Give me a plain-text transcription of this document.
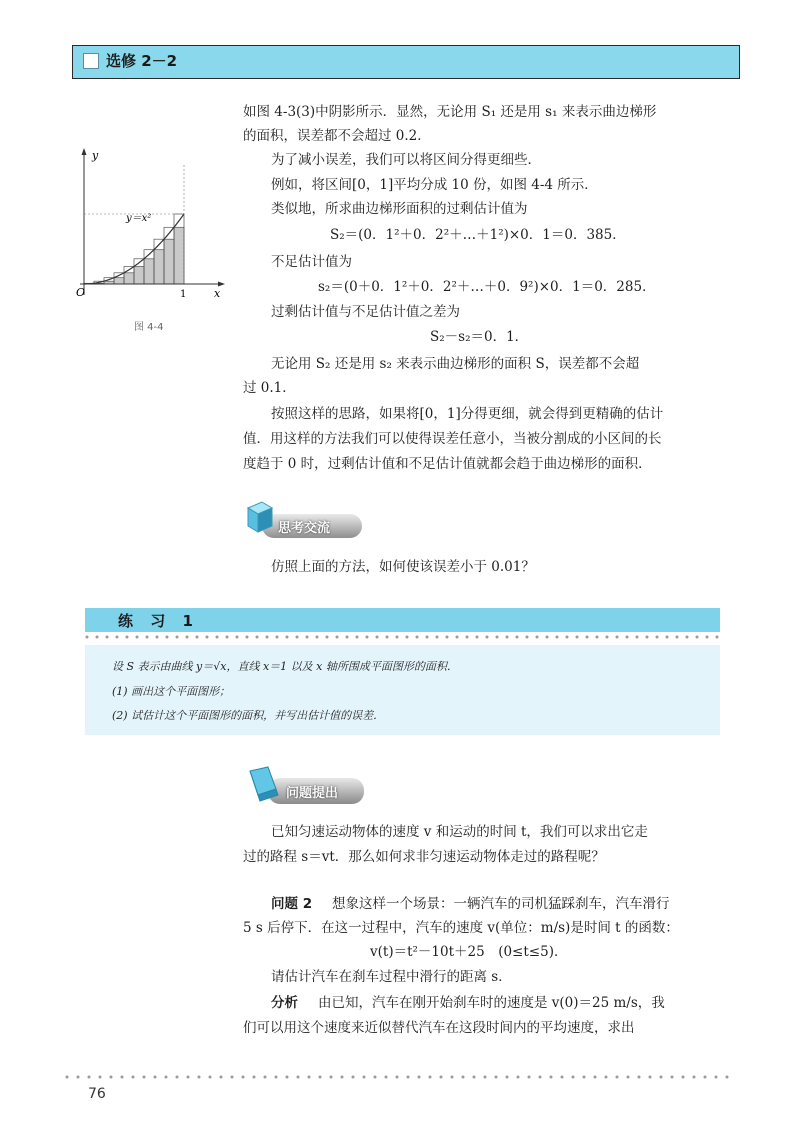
选修 2－2
如图 4-3(3)中阴影所示．显然，无论用 S₁ 还是用 s₁ 来表示曲边梯形
的面积，误差都不会超过 0.2．
为了减小误差，我们可以将区间分得更细些．
例如，将区间[0，1]平均分成 10 份，如图 4-4 所示．
类似地，所求曲边梯形面积的过剩估计值为
S₂＝(0．1²＋0．2²＋…＋1²)×0．1＝0．385．
不足估计值为
s₂＝(0＋0．1²＋0．2²＋…＋0．9²)×0．1＝0．285．
过剩估计值与不足估计值之差为
S₂－s₂＝0．1．
无论用 S₂ 还是用 s₂ 来表示曲边梯形的面积 S，误差都不会超
过 0.1．
按照这样的思路，如果将[0，1]分得更细，就会得到更精确的估计
值．用这样的方法我们可以使得误差任意小，当被分割成的小区间的长
度趋于 0 时，过剩估计值和不足估计值就都会趋于曲边梯形的面积．
y
x
O	1
y＝x²
图 4-4
思考交流
仿照上面的方法，如何使该误差小于 0.01？
练 习 1
设 S 表示由曲线 y＝√x，直线 x＝1 以及 x 轴所围成平面图形的面积．
(1) 画出这个平面图形；
(2) 试估计这个平面图形的面积，并写出估计值的误差．
问题提出
已知匀速运动物体的速度 v 和运动的时间 t，我们可以求出它走
过的路程 s＝vt．那么如何求非匀速运动物体走过的路程呢？
问题 2 想象这样一个场景：一辆汽车的司机猛踩刹车，汽车滑行
5 s 后停下．在这一过程中，汽车的速度 v(单位：m/s)是时间 t 的函数：
v(t)＝t²－10t＋25　(0≤t≤5)．
请估计汽车在刹车过程中滑行的距离 s．
分析 由已知，汽车在刚开始刹车时的速度是 v(0)＝25 m/s，我
们可以用这个速度来近似替代汽车在这段时间内的平均速度，求出
76
